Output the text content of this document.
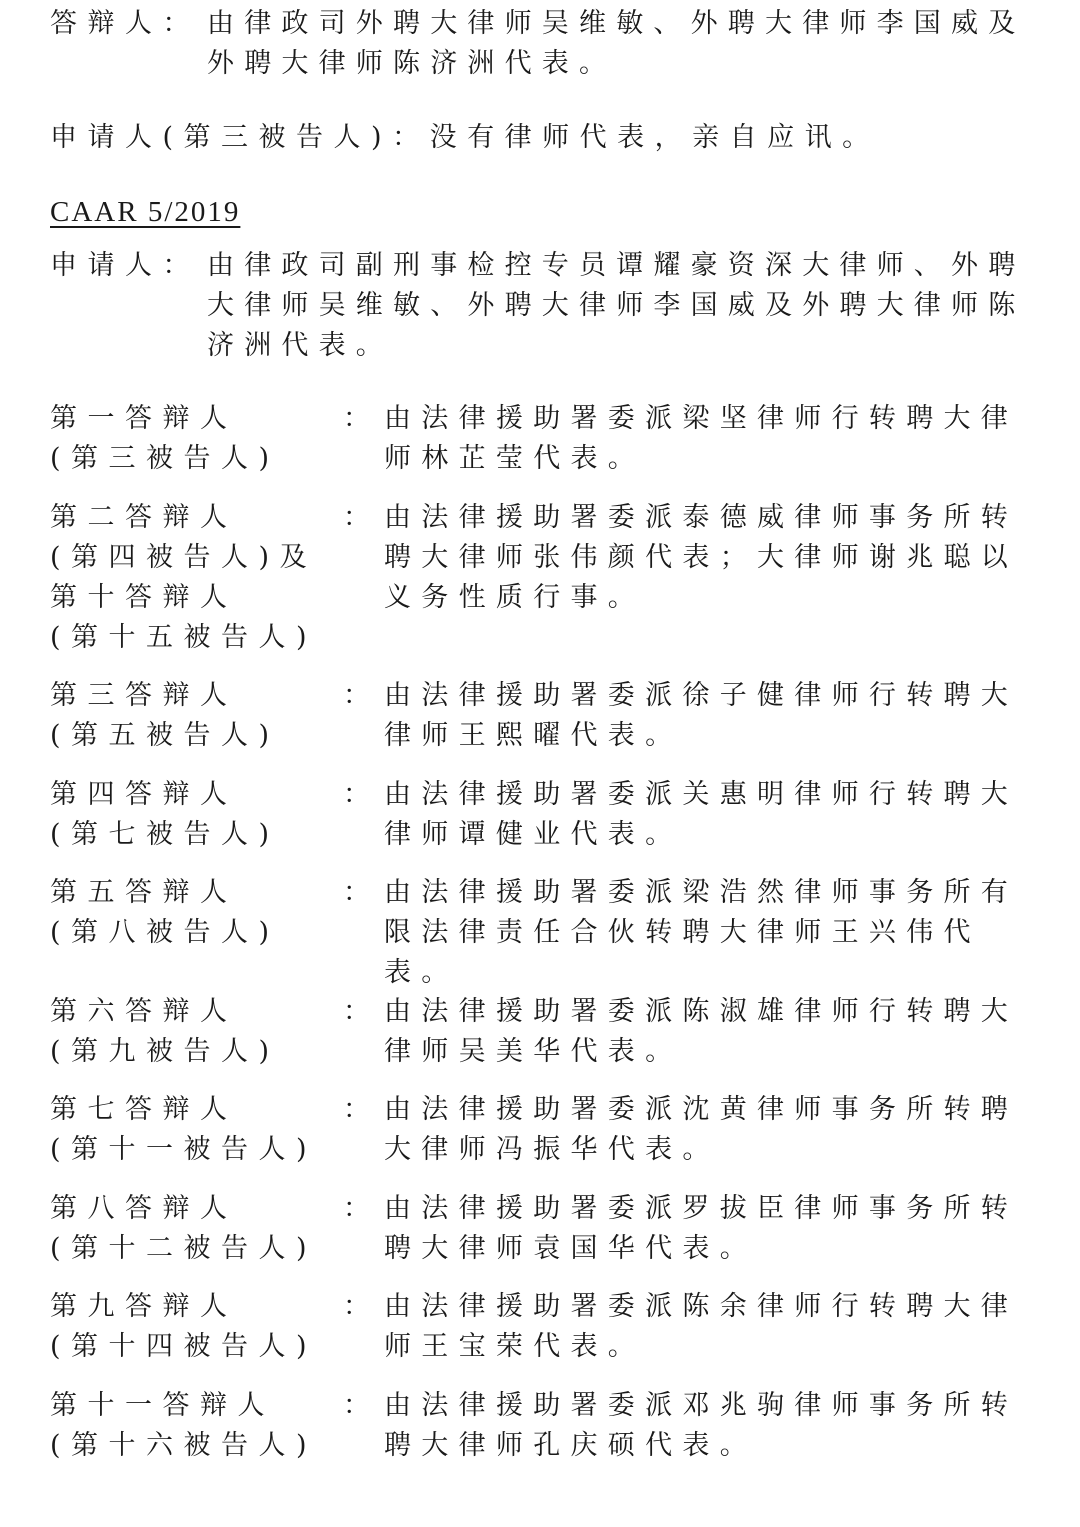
答辩人： 由律政司外聘大律师吴维敏、外聘大律师李国威及外聘大律师陈济洲代表。
申请人(第三被告人)：没有律师代表，亲自应讯。
CAAR 5/2019
申请人： 由律政司副刑事检控专员谭耀豪资深大律师、外聘大律师吴维敏、外聘大律师李国威及外聘大律师陈济洲代表。
第一答辩人
(第三被告人)
： 由法律援助署委派梁坚律师行转聘大律师林芷莹代表。
第二答辩人
(第四被告人)及
第十答辩人
(第十五被告人)
： 由法律援助署委派泰德威律师事务所转聘大律师张伟颜代表；大律师谢兆聪以义务性质行事。
第三答辩人
(第五被告人)
： 由法律援助署委派徐子健律师行转聘大律师王熙曜代表。
第四答辩人
(第七被告人)
： 由法律援助署委派关惠明律师行转聘大律师谭健业代表。
第五答辩人
(第八被告人)
： 由法律援助署委派梁浩然律师事务所有限法律责任合伙转聘大律师王兴伟代表。
第六答辩人
(第九被告人)
： 由法律援助署委派陈淑雄律师行转聘大律师吴美华代表。
第七答辩人
(第十一被告人)
： 由法律援助署委派沈黄律师事务所转聘大律师冯振华代表。
第八答辩人
(第十二被告人)
： 由法律援助署委派罗拔臣律师事务所转聘大律师袁国华代表。
第九答辩人
(第十四被告人)
： 由法律援助署委派陈余律师行转聘大律师王宝荣代表。
第十一答辩人
(第十六被告人)
： 由法律援助署委派邓兆驹律师事务所转聘大律师孔庆硕代表。
